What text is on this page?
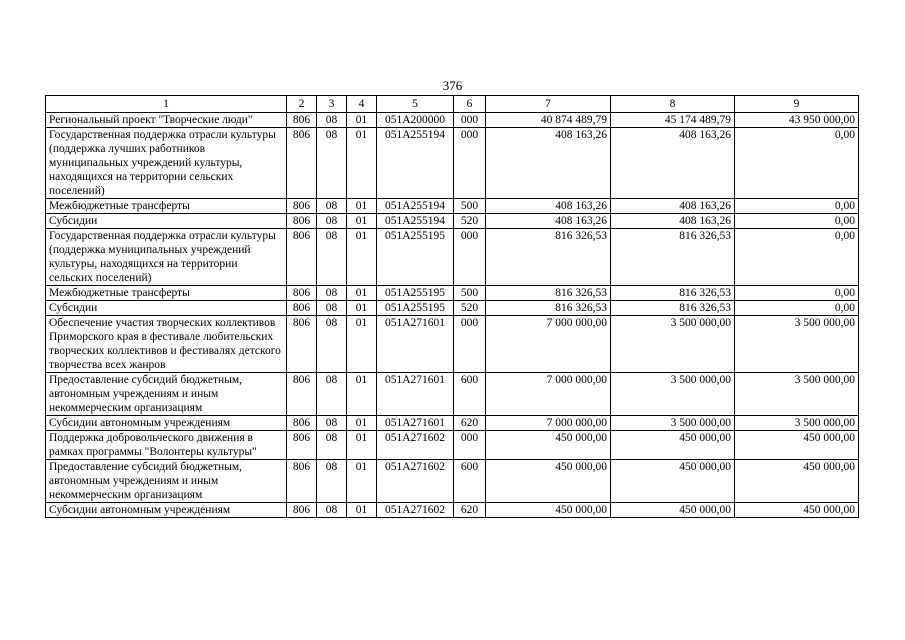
376
1	2	3	4	5	6	7	8	9
Региональный проект "Творческие люди"	806	08	01	051A200000	000	40 874 489,79	45 174 489,79	43 950 000,00
Государственная поддержка отрасли культуры (поддержка лучших работников муниципальных учреждений культуры, находящихся на территории сельских поселений)	806	08	01	051A255194	000	408 163,26	408 163,26	0,00
Межбюджетные трансферты	806	08	01	051A255194	500	408 163,26	408 163,26	0,00
Субсидии	806	08	01	051A255194	520	408 163,26	408 163,26	0,00
Государственная поддержка отрасли культуры (поддержка муниципальных учреждений культуры, находящихся на территории сельских поселений)	806	08	01	051A255195	000	816 326,53	816 326,53	0,00
Межбюджетные трансферты	806	08	01	051A255195	500	816 326,53	816 326,53	0,00
Субсидии	806	08	01	051A255195	520	816 326,53	816 326,53	0,00
Обеспечение участия творческих коллективов Приморского края в фестивале любительских творческих коллективов и фестивалях детского творчества всех жанров	806	08	01	051A271601	000	7 000 000,00	3 500 000,00	3 500 000,00
Предоставление субсидий бюджетным, автономным учреждениям и иным некоммерческим организациям	806	08	01	051A271601	600	7 000 000,00	3 500 000,00	3 500 000,00
Субсидии автономным учреждениям	806	08	01	051A271601	620	7 000 000,00	3 500 000,00	3 500 000,00
Поддержка добровольческого движения в рамках программы "Волонтеры культуры"	806	08	01	051A271602	000	450 000,00	450 000,00	450 000,00
Предоставление субсидий бюджетным, автономным учреждениям и иным некоммерческим организациям	806	08	01	051A271602	600	450 000,00	450 000,00	450 000,00
Субсидии автономным учреждениям	806	08	01	051A271602	620	450 000,00	450 000,00	450 000,00
